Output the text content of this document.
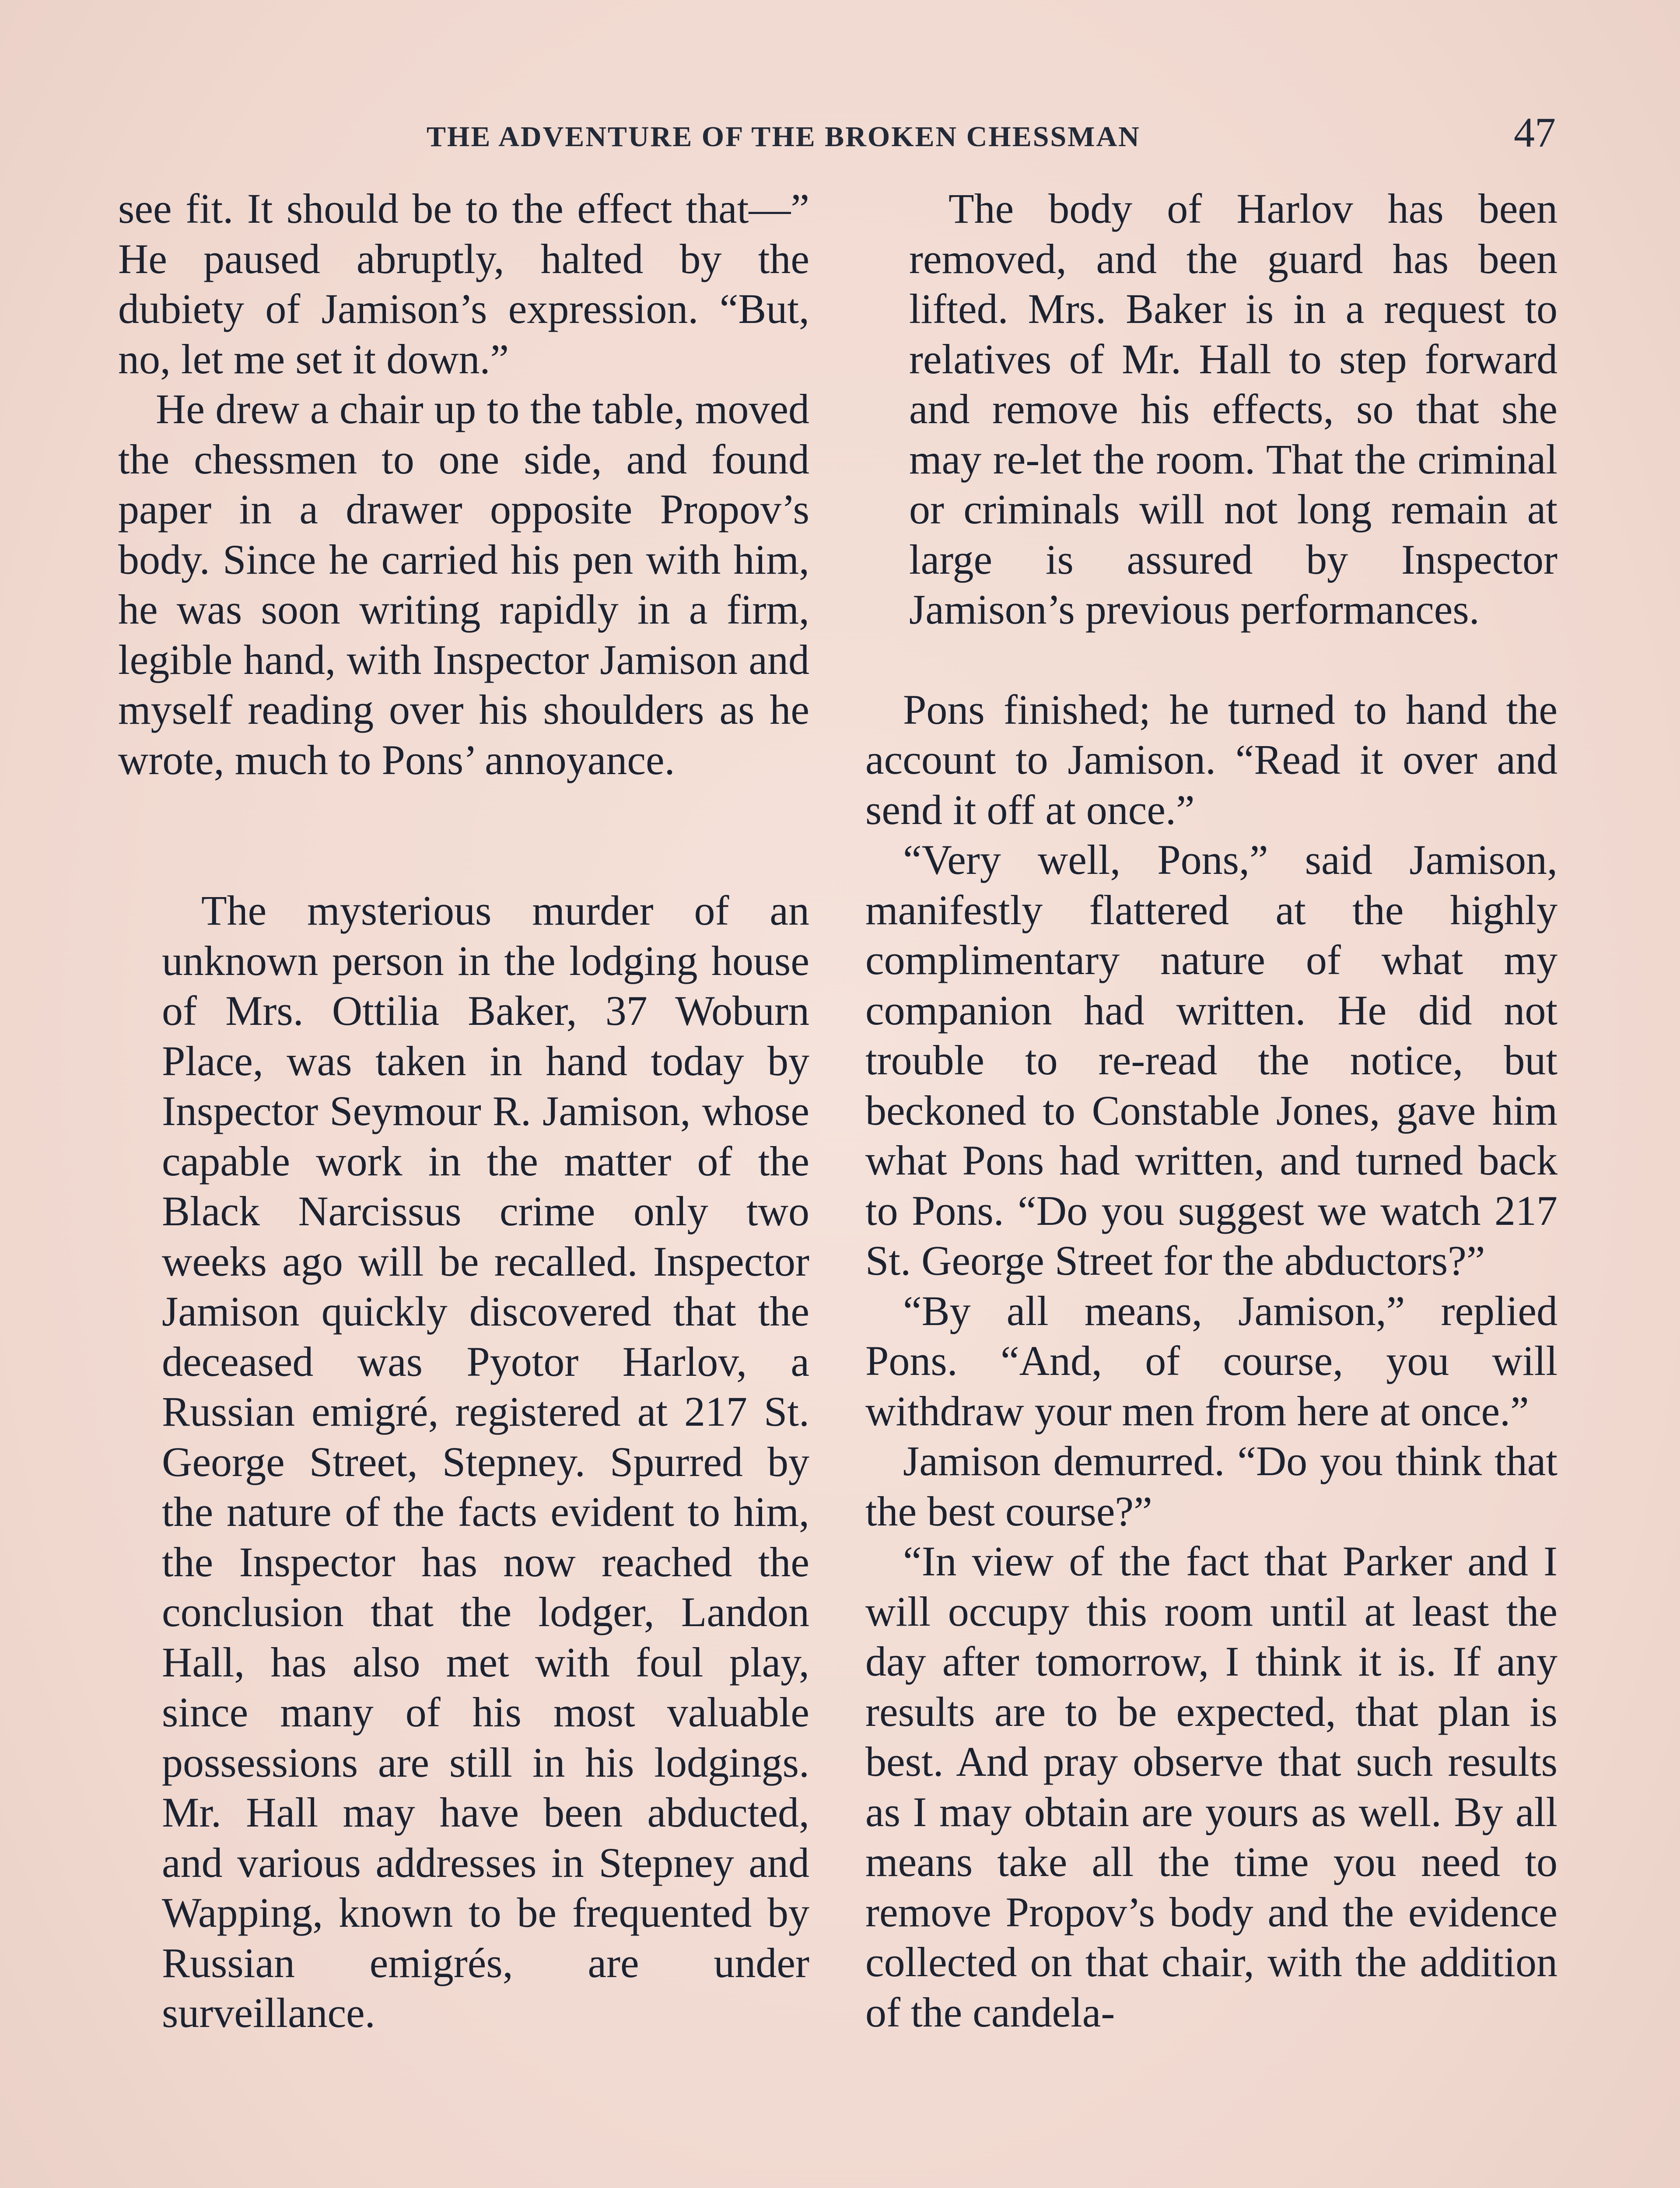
THE ADVENTURE OF THE BROKEN CHESSMAN	47

see fit. It should be to the effect that—” He paused abruptly, halted by the dubiety of Jamison’s expression. “But, no, let me set it down.”

He drew a chair up to the table, moved the chessmen to one side, and found paper in a drawer opposite Propov’s body. Since he carried his pen with him, he was soon writing rapidly in a firm, legible hand, with Inspector Jamison and myself reading over his shoulders as he wrote, much to Pons’ annoyance.

The mysterious murder of an unknown person in the lodging house of Mrs. Ottilia Baker, 37 Woburn Place, was taken in hand today by Inspector Seymour R. Jamison, whose capable work in the matter of the Black Narcissus crime only two weeks ago will be recalled. Inspector Jamison quickly discovered that the deceased was Pyotor Harlov, a Russian emigré, registered at 217 St. George Street, Stepney. Spurred by the nature of the facts evident to him, the Inspector has now reached the conclusion that the lodger, Landon Hall, has also met with foul play, since many of his most valuable possessions are still in his lodgings. Mr. Hall may have been abducted, and various addresses in Stepney and Wapping, known to be frequented by Russian emigrés, are under surveillance.

The body of Harlov has been removed, and the guard has been lifted. Mrs. Baker is in a request to relatives of Mr. Hall to step forward and remove his effects, so that she may re-let the room. That the criminal or criminals will not long remain at large is assured by Inspector Jamison’s previous performances.

Pons finished; he turned to hand the account to Jamison. “Read it over and send it off at once.”

“Very well, Pons,” said Jamison, manifestly flattered at the highly complimentary nature of what my companion had written. He did not trouble to re-read the notice, but beckoned to Constable Jones, gave him what Pons had written, and turned back to Pons. “Do you suggest we watch 217 St. George Street for the abductors?”

“By all means, Jamison,” replied Pons. “And, of course, you will withdraw your men from here at once.”

Jamison demurred. “Do you think that the best course?”

“In view of the fact that Parker and I will occupy this room until at least the day after tomorrow, I think it is. If any results are to be expected, that plan is best. And pray observe that such results as I may obtain are yours as well. By all means take all the time you need to remove Propov’s body and the evidence collected on that chair, with the addition of the candela-
